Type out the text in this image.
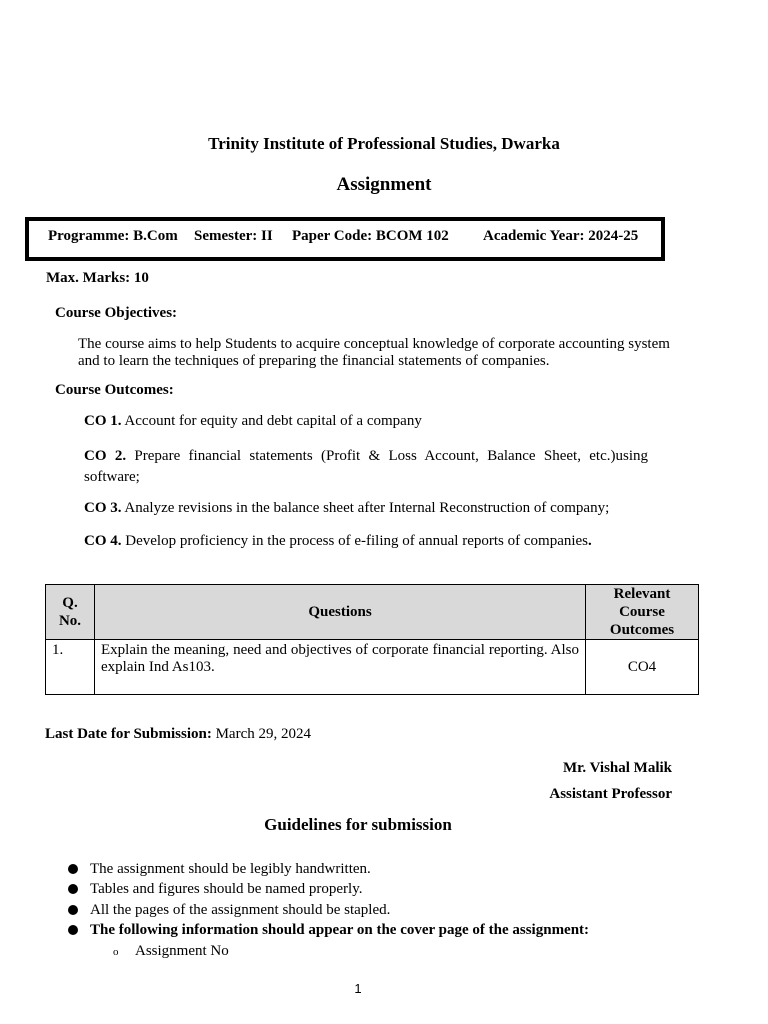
Trinity Institute of Professional Studies, Dwarka
Assignment
Programme: B.Com Semester: II Paper Code: BCOM 102 Academic Year: 2024-25
Max. Marks: 10
Course Objectives:
The course aims to help Students to acquire conceptual knowledge of corporate accounting system
and to learn the techniques of preparing the financial statements of companies.
Course Outcomes:
CO 1. Account for equity and debt capital of a company
CO 2. Prepare financial statements (Profit & Loss Account, Balance Sheet, etc.)using software;
CO 3. Analyze revisions in the balance sheet after Internal Reconstruction of company;
CO 4. Develop proficiency in the process of e-filing of annual reports of companies.
Q. No.	Questions	Relevant Course Outcomes
1.	Explain the meaning, need and objectives of corporate financial reporting. Also explain Ind As103.	CO4
Last Date for Submission: March 29, 2024
Mr. Vishal Malik
Assistant Professor
Guidelines for submission
The assignment should be legibly handwritten.
Tables and figures should be named properly.
All the pages of the assignment should be stapled.
The following information should appear on the cover page of the assignment:
o Assignment No
1
